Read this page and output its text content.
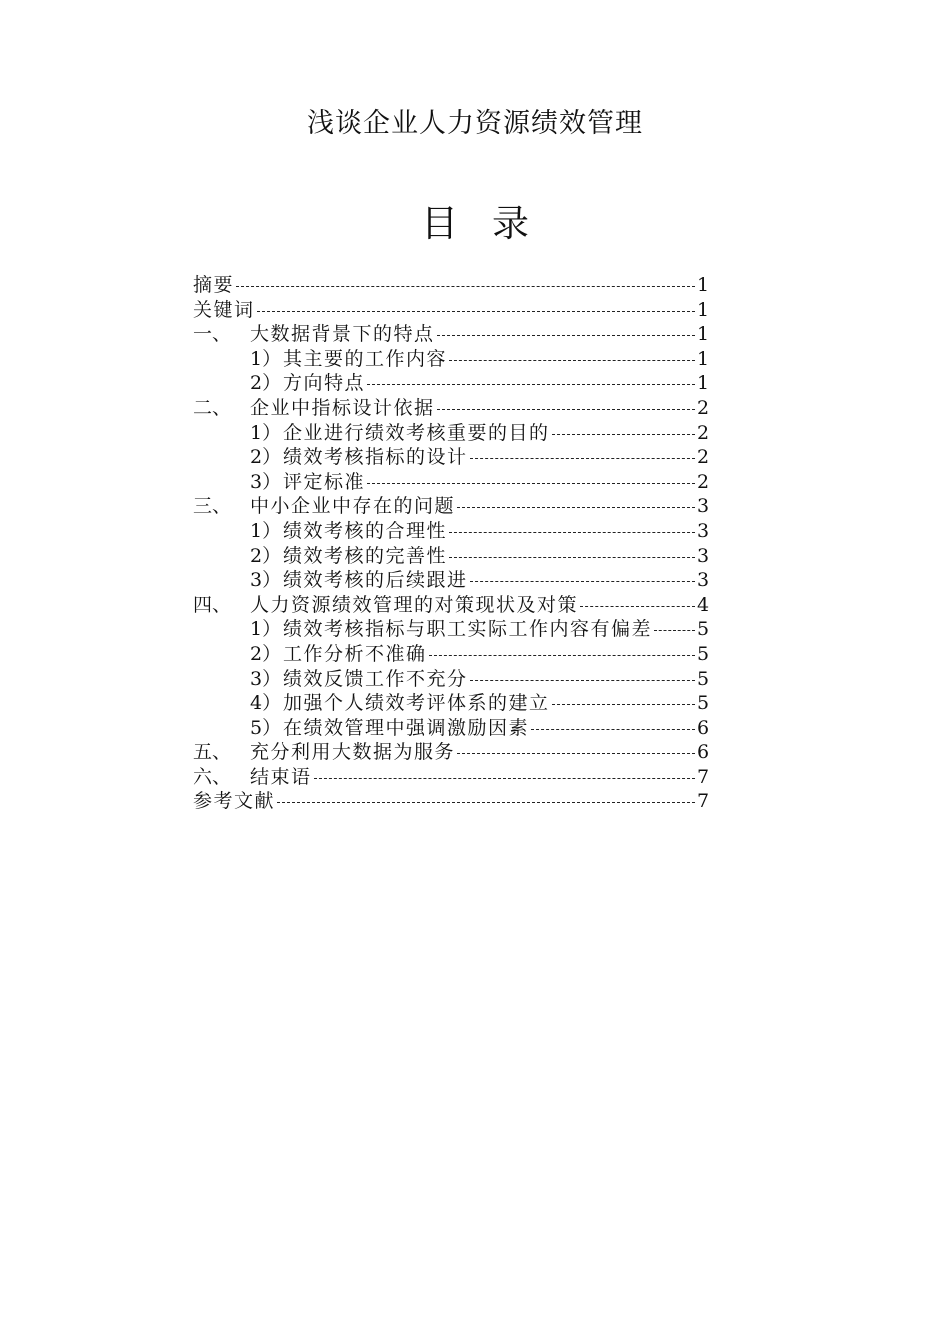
浅谈企业人力资源绩效管理
目录
摘要	1
关键词	1
一、 大数据背景下的特点	1
1） 其主要的工作内容	1
2） 方向特点	1
二、 企业中指标设计依据	2
1） 企业进行绩效考核重要的目的	2
2） 绩效考核指标的设计	2
3） 评定标准	2
三、 中小企业中存在的问题	3
1） 绩效考核的合理性	3
2） 绩效考核的完善性	3
3） 绩效考核的后续跟进	3
四、 人力资源绩效管理的对策现状及对策	4
1） 绩效考核指标与职工实际工作内容有偏差 5
2） 工作分析不准确	5
3） 绩效反馈工作不充分	5
4） 加强个人绩效考评体系的建立	5
5） 在绩效管理中强调激励因素	6
五、 充分利用大数据为服务	6
六、 结束语	7
参考文献	7
